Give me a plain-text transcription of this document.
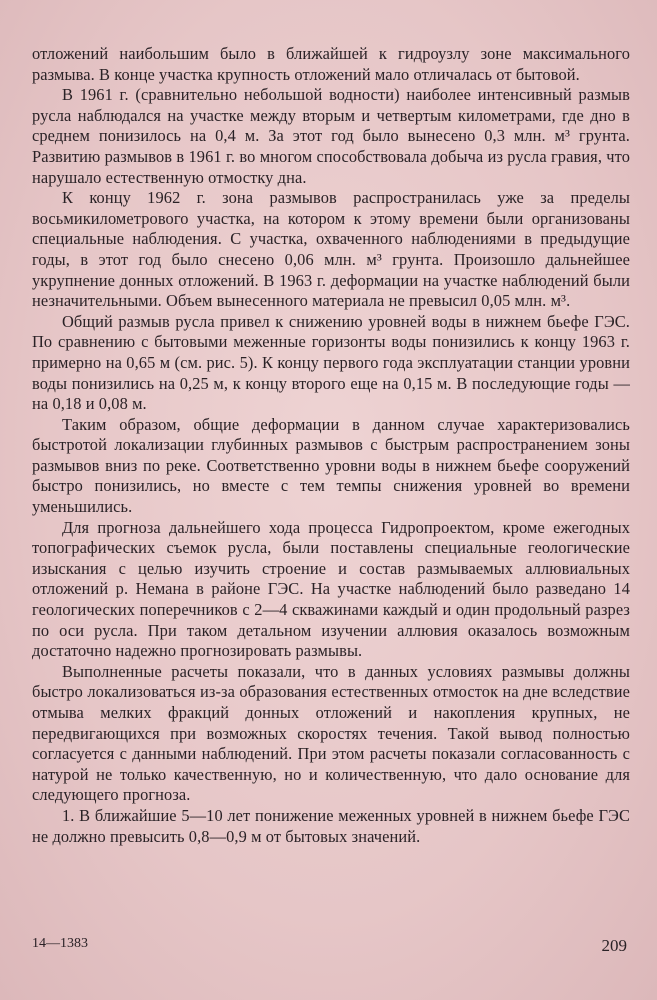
отложений наибольшим было в ближайшей к гидроузлу зоне максимального размыва. В конце участка крупность отложений мало отличалась от бытовой.

В 1961 г. (сравнительно небольшой водности) наиболее интенсивный размыв русла наблюдался на участке между вторым и четвертым километрами, где дно в среднем понизилось на 0,4 м. За этот год было вынесено 0,3 млн. м³ грунта. Развитию размывов в 1961 г. во многом способствовала добыча из русла гравия, что нарушало естественную отмостку дна.

К концу 1962 г. зона размывов распространилась уже за пределы восьмикилометрового участка, на котором к этому времени были организованы специальные наблюдения. С участка, охваченного наблюдениями в предыдущие годы, в этот год было снесено 0,06 млн. м³ грунта. Произошло дальнейшее укрупнение донных отложений. В 1963 г. деформации на участке наблюдений были незначительными. Объем вынесенного материала не превысил 0,05 млн. м³.

Общий размыв русла привел к снижению уровней воды в нижнем бьефе ГЭС. По сравнению с бытовыми меженные горизонты воды понизились к концу 1963 г. примерно на 0,65 м (см. рис. 5). К концу первого года эксплуатации станции уровни воды понизились на 0,25 м, к концу второго еще на 0,15 м. В последующие годы — на 0,18 и 0,08 м.

Таким образом, общие деформации в данном случае характеризовались быстротой локализации глубинных размывов с быстрым распространением зоны размывов вниз по реке. Соответственно уровни воды в нижнем бьефе сооружений быстро понизились, но вместе с тем темпы снижения уровней во времени уменьшились.

Для прогноза дальнейшего хода процесса Гидропроектом, кроме ежегодных топографических съемок русла, были поставлены специальные геологические изыскания с целью изучить строение и состав размываемых аллювиальных отложений р. Немана в районе ГЭС. На участке наблюдений было разведано 14 геологических поперечников с 2—4 скважинами каждый и один продольный разрез по оси русла. При таком детальном изучении аллювия оказалось возможным достаточно надежно прогнозировать размывы.

Выполненные расчеты показали, что в данных условиях размывы должны быстро локализоваться из-за образования естественных отмосток на дне вследствие отмыва мелких фракций донных отложений и накопления крупных, не передвигающихся при возможных скоростях течения. Такой вывод полностью согласуется с данными наблюдений. При этом расчеты показали согласованность с натурой не только качественную, но и количественную, что дало основание для следующего прогноза.

1. В ближайшие 5—10 лет понижение меженных уровней в нижнем бьефе ГЭС не должно превысить 0,8—0,9 м от бытовых значений.

14—1383	209
